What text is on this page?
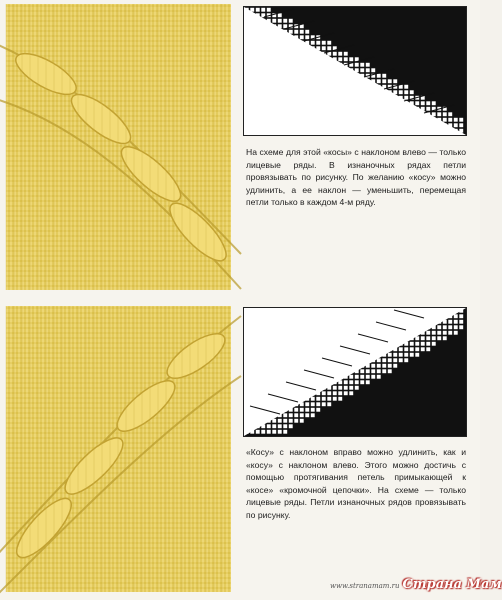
На схеме для этой «косы» с наклоном влево — только лицевые ряды. В изнаночных рядах петли провязывать по рисунку. По желанию «косу» можно удлинить, а ее наклон — уменьшить, перемещая петли только в каждом 4-м ряду.

«Косу» с наклоном вправо можно удлинить, как и «косу» с наклоном влево. Этого можно достичь с помощью протягивания петель примыкающей к «косе» «кромочной цепочки». На схеме — только лицевые ряды. Петли изнаночных рядов провязывать по рисунку.

www.stranamam.ru Страна Мам
